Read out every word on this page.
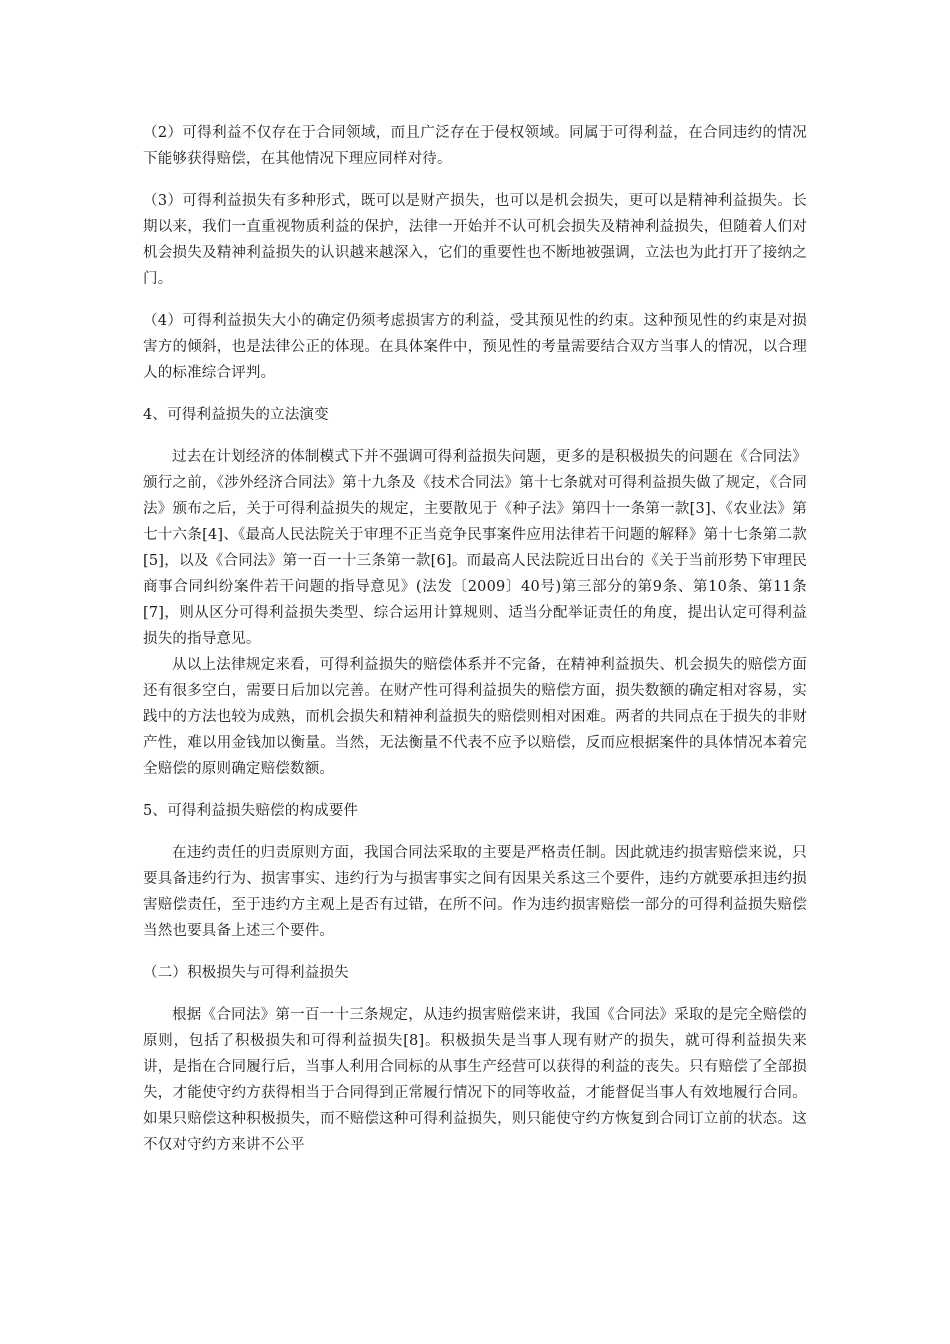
（2）可得利益不仅存在于合同领域，而且广泛存在于侵权领域。同属于可得利益，在合同违约的情况下能够获得赔偿，在其他情况下理应同样对待。

（3）可得利益损失有多种形式，既可以是财产损失，也可以是机会损失，更可以是精神利益损失。长期以来，我们一直重视物质利益的保护，法律一开始并不认可机会损失及精神利益损失，但随着人们对机会损失及精神利益损失的认识越来越深入，它们的重要性也不断地被强调，立法也为此打开了接纳之门。

（4）可得利益损失大小的确定仍须考虑损害方的利益，受其预见性的约束。这种预见性的约束是对损害方的倾斜，也是法律公正的体现。在具体案件中，预见性的考量需要结合双方当事人的情况，以合理人的标准综合评判。

4、可得利益损失的立法演变

过去在计划经济的体制模式下并不强调可得利益损失问题，更多的是积极损失的问题在《合同法》颁行之前，《涉外经济合同法》第十九条及《技术合同法》第十七条就对可得利益损失做了规定，《合同法》颁布之后，关于可得利益损失的规定，主要散见于《种子法》第四十一条第一款[3]、《农业法》第七十六条[4]、《最高人民法院关于审理不正当竞争民事案件应用法律若干问题的解释》第十七条第二款[5]，以及《合同法》第一百一十三条第一款[6]。而最高人民法院近日出台的《关于当前形势下审理民商事合同纠纷案件若干问题的指导意见》(法发〔2009〕40号)第三部分的第9条、第10条、第11条[7]，则从区分可得利益损失类型、综合运用计算规则、适当分配举证责任的角度，提出认定可得利益损失的指导意见。

从以上法律规定来看，可得利益损失的赔偿体系并不完备，在精神利益损失、机会损失的赔偿方面还有很多空白，需要日后加以完善。在财产性可得利益损失的赔偿方面，损失数额的确定相对容易，实践中的方法也较为成熟，而机会损失和精神利益损失的赔偿则相对困难。两者的共同点在于损失的非财产性，难以用金钱加以衡量。当然，无法衡量不代表不应予以赔偿，反而应根据案件的具体情况本着完全赔偿的原则确定赔偿数额。

5、可得利益损失赔偿的构成要件

在违约责任的归责原则方面，我国合同法采取的主要是严格责任制。因此就违约损害赔偿来说，只要具备违约行为、损害事实、违约行为与损害事实之间有因果关系这三个要件，违约方就要承担违约损害赔偿责任，至于违约方主观上是否有过错，在所不问。作为违约损害赔偿一部分的可得利益损失赔偿当然也要具备上述三个要件。

（二）积极损失与可得利益损失

根据《合同法》第一百一十三条规定，从违约损害赔偿来讲，我国《合同法》采取的是完全赔偿的原则，包括了积极损失和可得利益损失[8]。积极损失是当事人现有财产的损失，就可得利益损失来讲，是指在合同履行后，当事人利用合同标的从事生产经营可以获得的利益的丧失。只有赔偿了全部损失，才能使守约方获得相当于合同得到正常履行情况下的同等收益，才能督促当事人有效地履行合同。如果只赔偿这种积极损失，而不赔偿这种可得利益损失，则只能使守约方恢复到合同订立前的状态。这不仅对守约方来讲不公平
